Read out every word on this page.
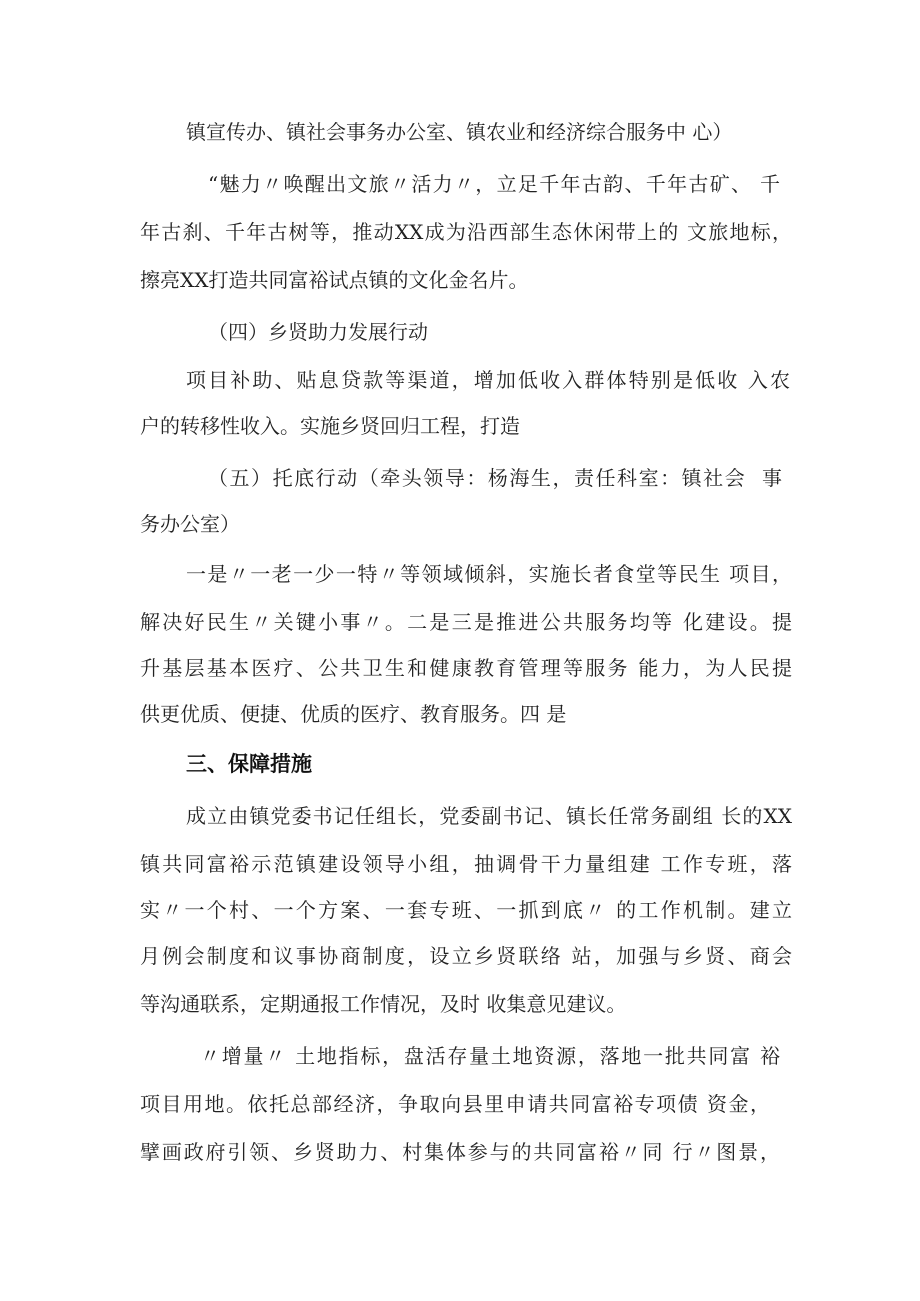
镇宣传办、镇社会事务办公室、镇农业和经济综合服务中 心）

“魅力〃唤醒出文旅〃活力〃，立足千年古韵、千年古矿、 千

年古刹、千年古树等，推动XX成为沿西部生态休闲带上的 文旅地标，

擦亮XX打造共同富裕试点镇的文化金名片。

（四）乡贤助力发展行动

项目补助、贴息贷款等渠道，增加低收入群体特别是低收 入农

户的转移性收入。实施乡贤回归工程，打造

（五）托底行动（牵头领导：杨海生，责任科室：镇社会  事

务办公室）

一是〃一老一少一特〃等领域倾斜，实施长者食堂等民生 项目，

解决好民生〃关键小事〃。二是三是推进公共服务均等 化建设。提

升基层基本医疗、公共卫生和健康教育管理等服务 能力，为人民提

供更优质、便捷、优质的医疗、教育服务。四 是

三、保障措施

成立由镇党委书记任组长，党委副书记、镇长任常务副组 长的XX

镇共同富裕示范镇建设领导小组，抽调骨干力量组建 工作专班，落

实〃一个村、一个方案、一套专班、一抓到底〃 的工作机制。建立

月例会制度和议事协商制度，设立乡贤联络 站，加强与乡贤、商会

等沟通联系，定期通报工作情况，及时 收集意见建议。

〃增量〃 土地指标，盘活存量土地资源，落地一批共同富 裕

项目用地。依托总部经济，争取向县里申请共同富裕专项债 资金，

擘画政府引领、乡贤助力、村集体参与的共同富裕〃同 行〃图景，
